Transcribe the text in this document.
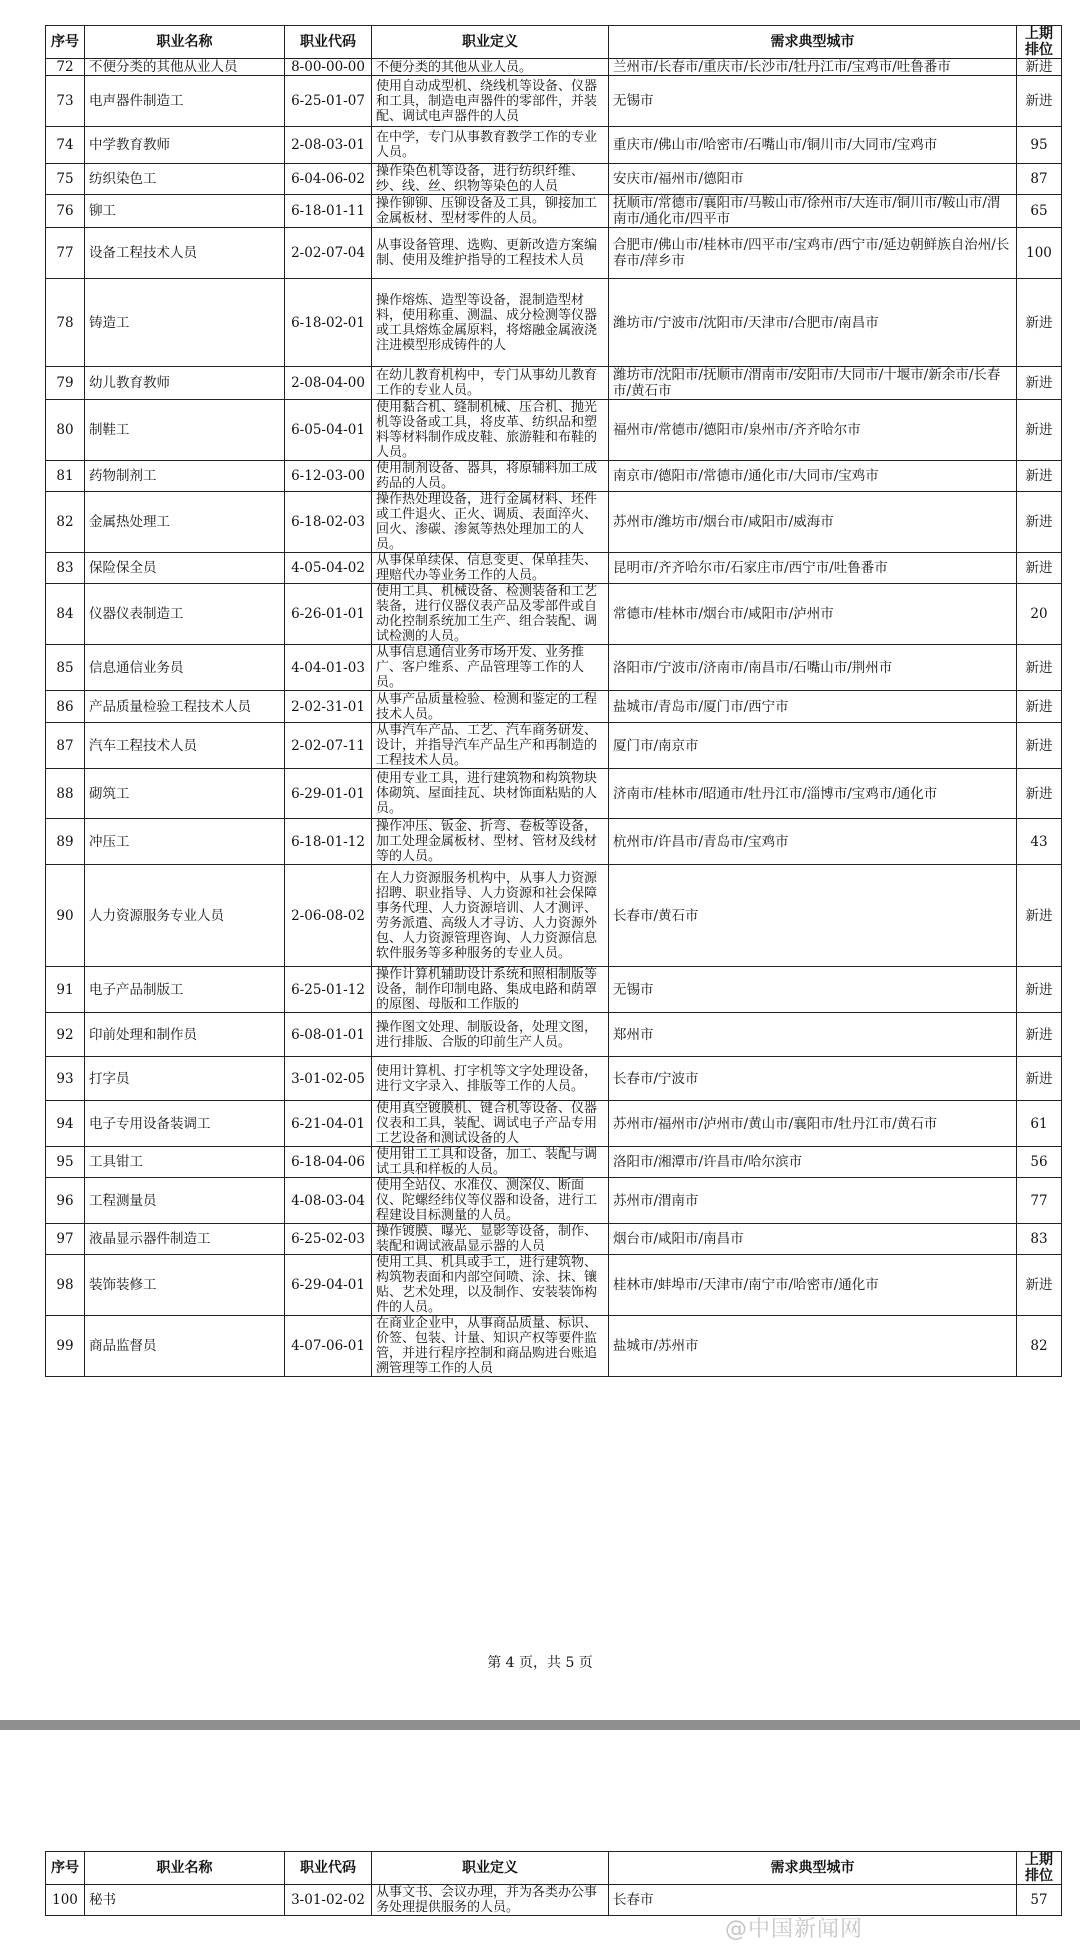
序号	职业名称	职业代码	职业定义	需求典型城市	上期
排位
72	不便分类的其他从业人员	8-00-00-00	不便分类的其他从业人员。	兰州市/长春市/重庆市/长沙市/牡丹江市/宝鸡市/吐鲁番市	新进
73	电声器件制造工	6-25-01-07	使用自动成型机、绕线机等设备、仪器和工具，制造电声器件的零部件，并装配、调试电声器件的人员	无锡市	新进
74	中学教育教师	2-08-03-01	在中学，专门从事教育教学工作的专业人员。	重庆市/佛山市/哈密市/石嘴山市/铜川市/大同市/宝鸡市	95
75	纺织染色工	6-04-06-02	操作染色机等设备，进行纺织纤维、纱、线、丝、织物等染色的人员	安庆市/福州市/德阳市	87
76	铆工	6-18-01-11	操作铆铆、压铆设备及工具，铆接加工金属板材、型材零件的人员。	抚顺市/常德市/襄阳市/马鞍山市/徐州市/大连市/铜川市/鞍山市/渭南市/通化市/四平市	65
77	设备工程技术人员	2-02-07-04	从事设备管理、选购、更新改造方案编制、使用及维护指导的工程技术人员	合肥市/佛山市/桂林市/四平市/宝鸡市/西宁市/延边朝鲜族自治州/长春市/萍乡市	100
78	铸造工	6-18-02-01	操作熔炼、造型等设备，混制造型材料，使用称重、测温、成分检测等仪器或工具熔炼金属原料，将熔融金属液浇注进模型形成铸件的人	潍坊市/宁波市/沈阳市/天津市/合肥市/南昌市	新进
79	幼儿教育教师	2-08-04-00	在幼儿教育机构中，专门从事幼儿教育工作的专业人员。	潍坊市/沈阳市/抚顺市/渭南市/安阳市/大同市/十堰市/新余市/长春市/黄石市	新进
80	制鞋工	6-05-04-01	使用黏合机、缝制机械、压合机、抛光机等设备或工具，将皮革、纺织品和塑料等材料制作成皮鞋、旅游鞋和布鞋的人员。	福州市/常德市/德阳市/泉州市/齐齐哈尔市	新进
81	药物制剂工	6-12-03-00	使用制剂设备、器具，将原辅料加工成药品的人员。	南京市/德阳市/常德市/通化市/大同市/宝鸡市	新进
82	金属热处理工	6-18-02-03	操作热处理设备，进行金属材料、坯件或工件退火、正火、调质、表面淬火、回火、渗碳、渗氮等热处理加工的人员。	苏州市/潍坊市/烟台市/咸阳市/威海市	新进
83	保险保全员	4-05-04-02	从事保单续保、信息变更、保单挂失、理赔代办等业务工作的人员。	昆明市/齐齐哈尔市/石家庄市/西宁市/吐鲁番市	新进
84	仪器仪表制造工	6-26-01-01	使用工具、机械设备、检测装备和工艺装备，进行仪器仪表产品及零部件或自动化控制系统加工生产、组合装配、调试检测的人员。	常德市/桂林市/烟台市/咸阳市/泸州市	20
85	信息通信业务员	4-04-01-03	从事信息通信业务市场开发、业务推广、客户维系、产品管理等工作的人员。	洛阳市/宁波市/济南市/南昌市/石嘴山市/荆州市	新进
86	产品质量检验工程技术人员	2-02-31-01	从事产品质量检验、检测和鉴定的工程技术人员。	盐城市/青岛市/厦门市/西宁市	新进
87	汽车工程技术人员	2-02-07-11	从事汽车产品、工艺、汽车商务研发、设计，并指导汽车产品生产和再制造的工程技术人员。	厦门市/南京市	新进
88	砌筑工	6-29-01-01	使用专业工具，进行建筑物和构筑物块体砌筑、屋面挂瓦、块材饰面粘贴的人员。	济南市/桂林市/昭通市/牡丹江市/淄博市/宝鸡市/通化市	新进
89	冲压工	6-18-01-12	操作冲压、钣金、折弯、卷板等设备，加工处理金属板材、型材、管材及线材等的人员。	杭州市/许昌市/青岛市/宝鸡市	43
90	人力资源服务专业人员	2-06-08-02	在人力资源服务机构中，从事人力资源招聘、职业指导、人力资源和社会保障事务代理、人力资源培训、人才测评、劳务派遣、高级人才寻访、人力资源外包、人力资源管理咨询、人力资源信息软件服务等多种服务的专业人员。	长春市/黄石市	新进
91	电子产品制版工	6-25-01-12	操作计算机辅助设计系统和照相制版等设备，制作印制电路、集成电路和荫罩的原图、母版和工作版的	无锡市	新进
92	印前处理和制作员	6-08-01-01	操作图文处理、制版设备，处理文图，进行排版、合版的印前生产人员。	郑州市	新进
93	打字员	3-01-02-05	使用计算机、打字机等文字处理设备，进行文字录入、排版等工作的人员。	长春市/宁波市	新进
94	电子专用设备装调工	6-21-04-01	使用真空镀膜机、键合机等设备、仪器仪表和工具，装配、调试电子产品专用工艺设备和测试设备的人	苏州市/福州市/泸州市/黄山市/襄阳市/牡丹江市/黄石市	61
95	工具钳工	6-18-04-06	使用钳工工具和设备，加工、装配与调试工具和样板的人员。	洛阳市/湘潭市/许昌市/哈尔滨市	56
96	工程测量员	4-08-03-04	使用全站仪、水准仪、测深仪、断面仪、陀螺经纬仪等仪器和设备，进行工程建设目标测量的人员。	苏州市/渭南市	77
97	液晶显示器件制造工	6-25-02-03	操作镀膜、曝光、显影等设备，制作、装配和调试液晶显示器的人员	烟台市/咸阳市/南昌市	83
98	装饰装修工	6-29-04-01	使用工具、机具或手工，进行建筑物、构筑物表面和内部空间喷、涂、抹、镶贴、艺术处理，以及制作、安装装饰构件的人员。	桂林市/蚌埠市/天津市/南宁市/哈密市/通化市	新进
99	商品监督员	4-07-06-01	在商业企业中，从事商品质量、标识、价签、包装、计量、知识产权等要件监管，并进行程序控制和商品购进台账追溯管理等工作的人员	盐城市/苏州市	82
第 4 页，共 5 页
序号	职业名称	职业代码	职业定义	需求典型城市	上期
排位
100	秘书	3-01-02-02	从事文书、会议办理，并为各类办公事务处理提供服务的人员。	长春市	57
@中国新闻网
